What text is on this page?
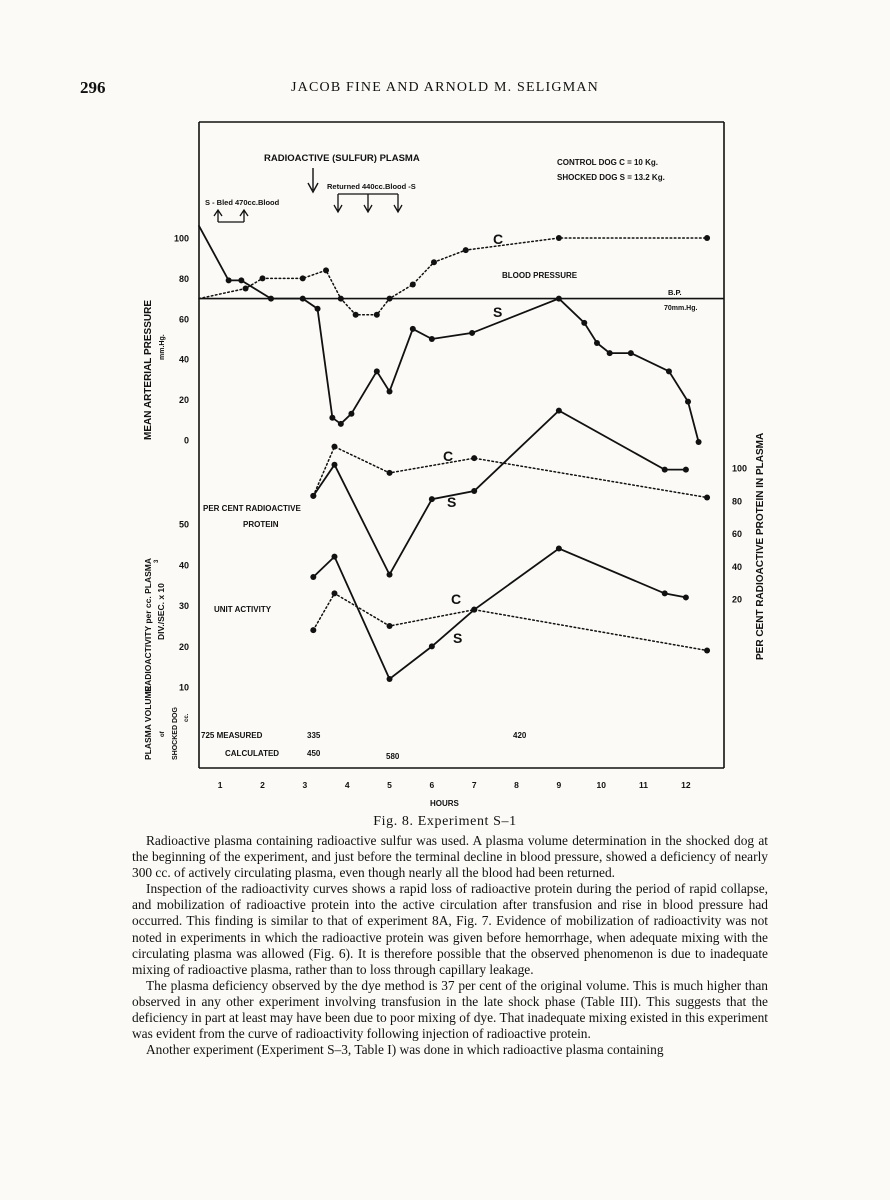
296	JACOB FINE AND ARNOLD M. SELIGMAN
RADIOACTIVE (SULFUR) PLASMA
Returned 440cc.Blood -S
S - Bled 470cc.Blood
CONTROL DOG C = 10 Kg.
SHOCKED DOG S = 13.2 Kg.
BLOOD PRESSURE
B.P.
70mm.Hg.
PER CENT RADIOACTIVE
PROTEIN
UNIT ACTIVITY
C
S
C
S
C
S
MEAN ARTERIAL PRESSURE mm.Hg.
RADIOACTIVITY per cc. PLASMA DIV./SEC. x 10
3
PLASMA VOLUME of SHOCKED DOG cc.
PER CENT RADIOACTIVE PROTEIN IN PLASMA
HOURS
725 MEASURED
CALCULATED
335	420
450	580
1	2	3	4	5	6	7	8	9	10	11	12
100
80
60
40
20
0
100
80
60
40
20
50
40
30
20
10
Fig. 8. Experiment S–1

Radioactive plasma containing radioactive sulfur was used. A plasma volume determination in the shocked dog at the beginning of the experiment, and just before the terminal decline in blood pressure, showed a deficiency of nearly 300 cc. of actively circulating plasma, even though nearly all the blood had been returned.

Inspection of the radioactivity curves shows a rapid loss of radioactive protein during the period of rapid collapse, and mobilization of radioactive protein into the active circulation after transfusion and rise in blood pressure had occurred. This finding is similar to that of experiment 8A, Fig. 7. Evidence of mobilization of radioactivity was not noted in experiments in which the radioactive protein was given before hemorrhage, when adequate mixing with the circulating plasma was allowed (Fig. 6). It is therefore possible that the observed phenomenon is due to inadequate mixing of radioactive plasma, rather than to loss through capillary leakage.

The plasma deficiency observed by the dye method is 37 per cent of the original volume. This is much higher than observed in any other experiment involving transfusion in the late shock phase (Table III). This suggests that the deficiency in part at least may have been due to poor mixing of dye. That inadequate mixing existed in this experiment was evident from the curve of radioactivity following injection of radioactive protein.

Another experiment (Experiment S–3, Table I) was done in which radioactive plasma containing
